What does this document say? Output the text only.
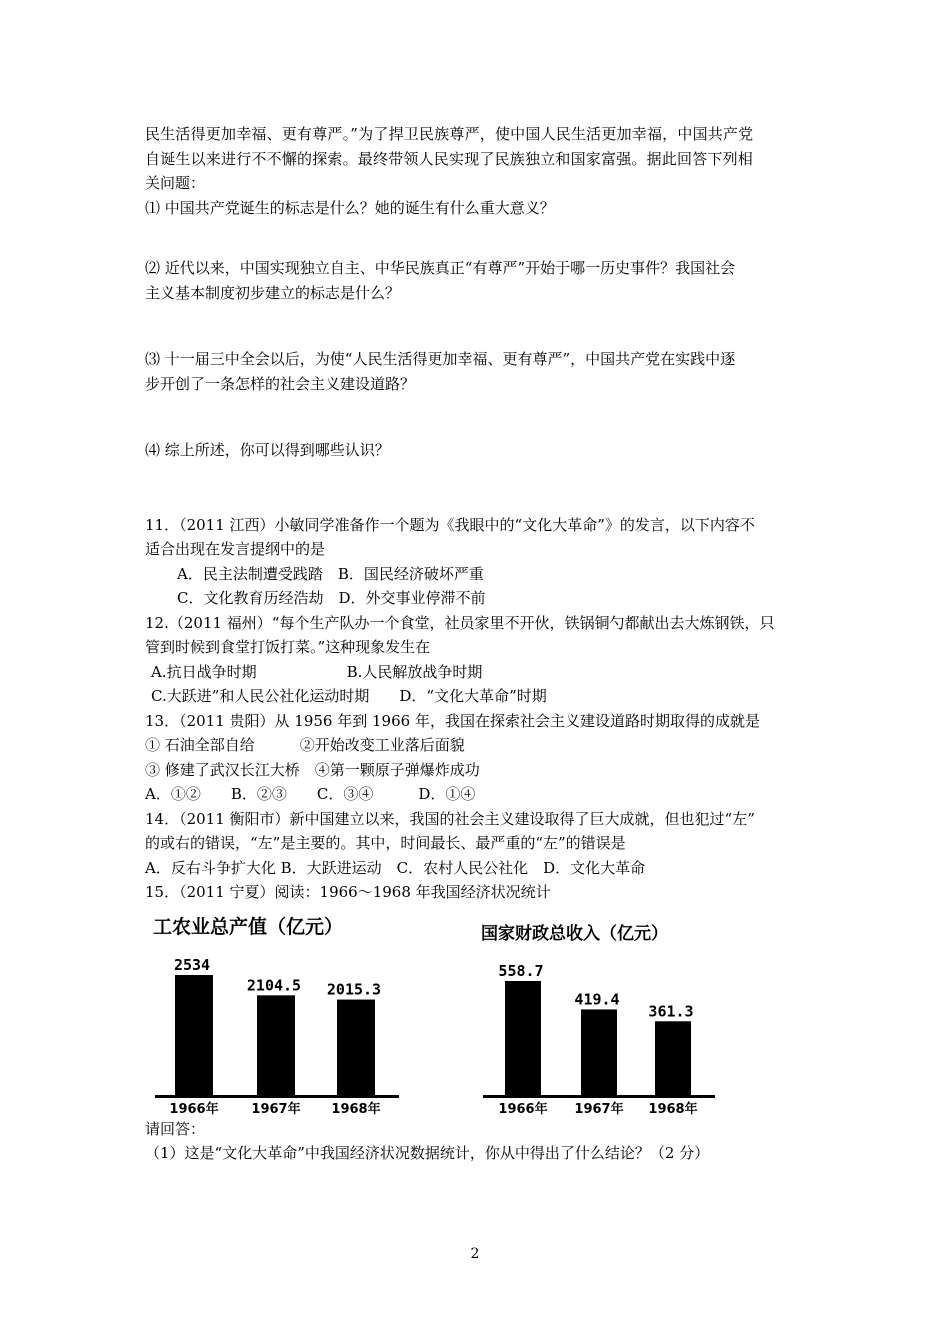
民生活得更加幸福、更有尊严。”为了捍卫民族尊严，使中国人民生活更加幸福，中国共产党

自诞生以来进行不不懈的探索。最终带领人民实现了民族独立和国家富强。据此回答下列相

关问题：

⑴ 中国共产党诞生的标志是什么？她的诞生有什么重大意义？

⑵ 近代以来，中国实现独立自主、中华民族真正“有尊严”开始于哪一历史事件？我国社会

主义基本制度初步建立的标志是什么？

⑶ 十一届三中全会以后，为使“人民生活得更加幸福、更有尊严”，中国共产党在实践中逐

步开创了一条怎样的社会主义建设道路？

⑷ 综上所述，你可以得到哪些认识？

11．（2011 江西）小敏同学准备作一个题为《我眼中的“文化大革命”》的发言，以下内容不

适合出现在发言提纲中的是

A．民主法制遭受践踏　B．国民经济破坏严重

C．文化教育历经浩劫　D．外交事业停滞不前

12.（2011 福州）“每个生产队办一个食堂，社员家里不开伙，铁锅铜勺都献出去大炼钢铁，只

管到时候到食堂打饭打菜。”这种现象发生在

A.抗日战争时期　　　　　　B.人民解放战争时期

C.大跃进”和人民公社化运动时期　　D．“文化大革命”时期

13．（2011 贵阳）从 1956 年到 1966 年，我国在探索社会主义建设道路时期取得的成就是

① 石油全部自给　　　②开始改变工业落后面貌

③ 修建了武汉长江大桥　④第一颗原子弹爆炸成功

A．①②　　B．②③　　C．③④　　　D．①④

14．（2011 衡阳市）新中国建立以来，我国的社会主义建设取得了巨大成就，但也犯过“左”

的或右的错误，“左”是主要的。其中，时间最长、最严重的“左”的错误是

A．反右斗争扩大化 B．大跃进运动　C．农村人民公社化　D．文化大革命

15．（2011 宁夏）阅读：1966～1968 年我国经济状况统计

工农业总产值（亿元）
2534
1966年
2104.5
1967年
2015.3
1968年
国家财政总收入（亿元）
558.7
1966年
419.4
1967年
361.3
1968年

请回答：

（1）这是“文化大革命”中我国经济状况数据统计，你从中得出了什么结论？（2 分）

2
